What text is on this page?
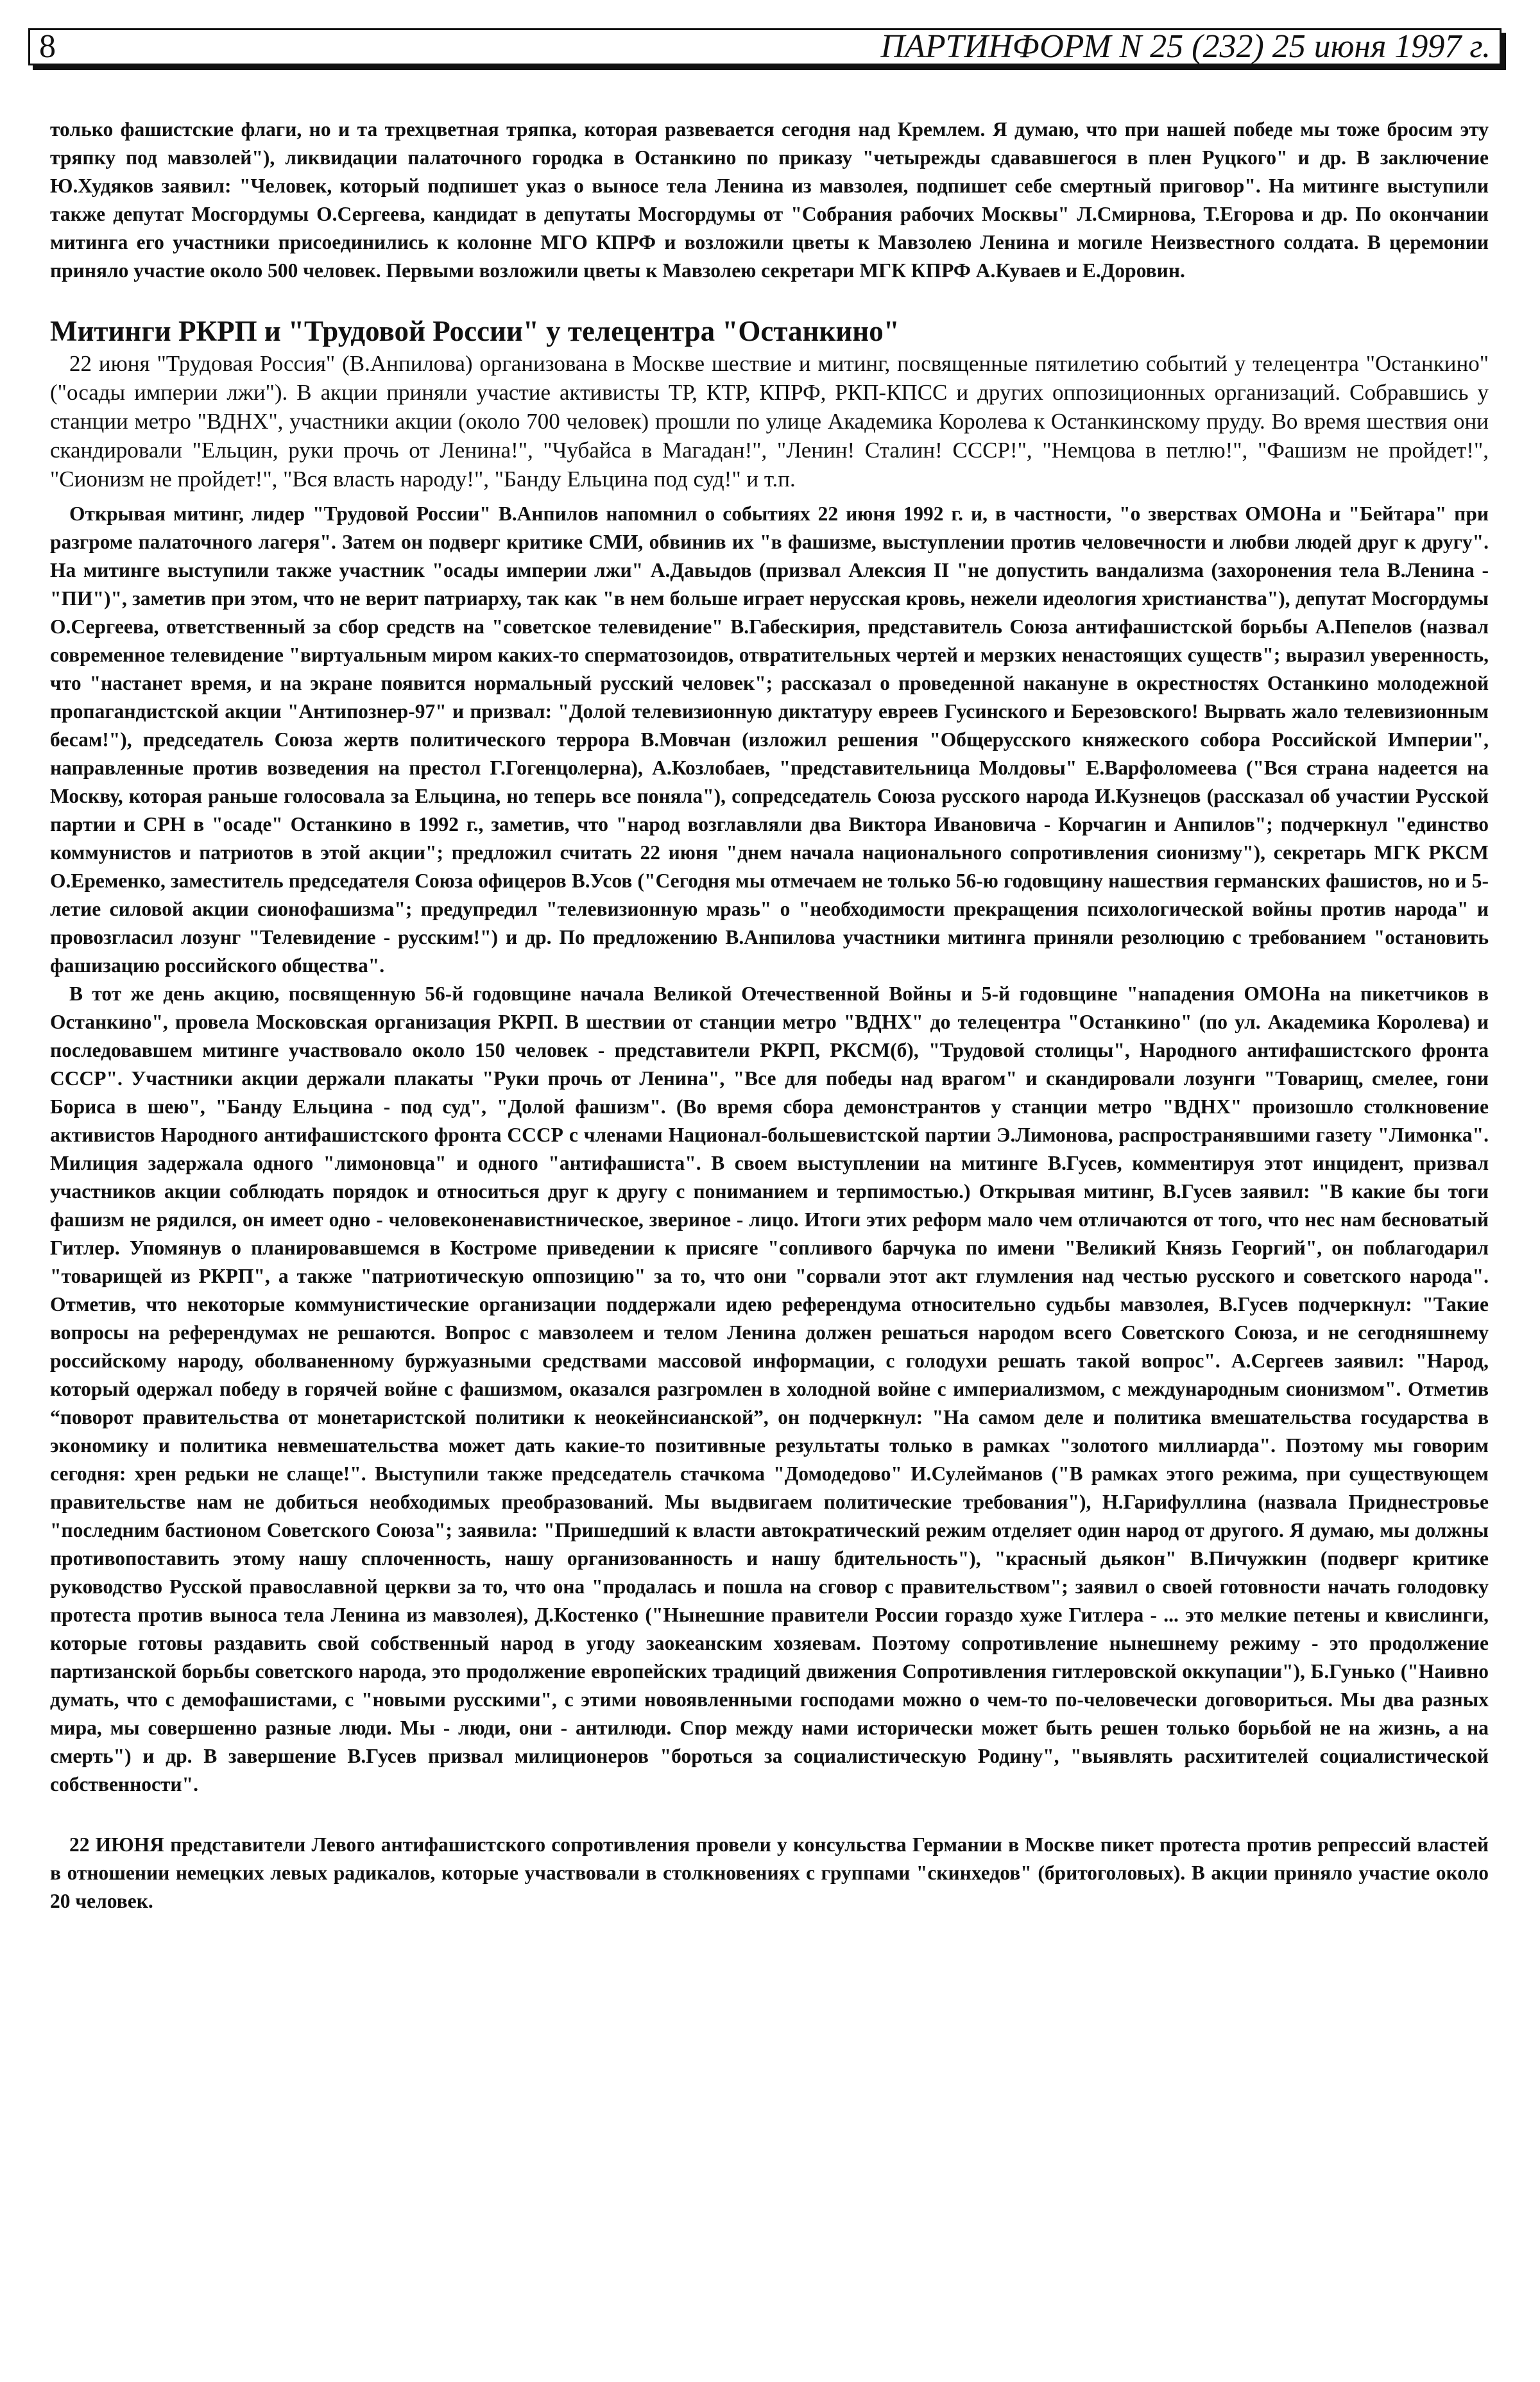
8	ПАРТИНФОРМ N 25 (232) 25 июня 1997 г.

только фашистские флаги, но и та трехцветная тряпка, которая развевается сегодня над Кремлем. Я думаю, что при нашей победе мы тоже бросим эту тряпку под мавзолей"), ликвидации палаточного городка в Останкино по приказу "четырежды сдававшегося в плен Руцкого" и др. В заключение Ю.Худяков заявил: "Человек, который подпишет указ о выносе тела Ленина из мавзолея, подпишет себе смертный приговор". На митинге выступили также депутат Мосгордумы О.Сергеева, кандидат в депутаты Мосгордумы от "Собрания рабочих Москвы" Л.Смирнова, Т.Егорова и др. По окончании митинга его участники присоединились к колонне МГО КПРФ и возложили цветы к Мавзолею Ленина и могиле Неизвестного солдата. В церемонии приняло участие около 500 человек. Первыми возложили цветы к Мавзолею секретари МГК КПРФ А.Куваев и Е.Доровин.

Митинги РКРП и "Трудовой России" у телецентра "Останкино"

22 июня "Трудовая Россия" (В.Анпилова) организована в Москве шествие и митинг, посвященные пятилетию событий у телецентра "Останкино" ("осады империи лжи"). В акции приняли участие активисты ТР, КТР, КПРФ, РКП-КПСС и других оппозиционных организаций. Собравшись у станции метро "ВДНХ", участники акции (около 700 человек) прошли по улице Академика Королева к Останкинскому пруду. Во время шествия они скандировали "Ельцин, руки прочь от Ленина!", "Чубайса в Магадан!", "Ленин! Сталин! СССР!", "Немцова в петлю!", "Фашизм не пройдет!", "Сионизм не пройдет!", "Вся власть народу!", "Банду Ельцина под суд!" и т.п.

Открывая митинг, лидер "Трудовой России" В.Анпилов напомнил о событиях 22 июня 1992 г. и, в частности, "о зверствах ОМОНа и "Бейтара" при разгроме палаточного лагеря". Затем он подверг критике СМИ, обвинив их "в фашизме, выступлении против человечности и любви людей друг к другу". На митинге выступили также участник "осады империи лжи" А.Давыдов (призвал Алексия II "не допустить вандализма (захоронения тела В.Ленина - "ПИ")", заметив при этом, что не верит патриарху, так как "в нем больше играет нерусская кровь, нежели идеология христианства"), депутат Мосгордумы О.Сергеева, ответственный за сбор средств на "советское телевидение" В.Габескирия, представитель Союза антифашистской борьбы А.Пепелов (назвал современное телевидение "виртуальным миром каких-то сперматозоидов, отвратительных чертей и мерзких ненастоящих существ"; выразил уверенность, что "настанет время, и на экране появится нормальный русский человек"; рассказал о проведенной накануне в окрестностях Останкино молодежной пропагандистской акции "Антипознер-97" и призвал: "Долой телевизионную диктатуру евреев Гусинского и Березовского! Вырвать жало телевизионным бесам!"), председатель Союза жертв политического террора В.Мовчан (изложил решения "Общерусского княжеского собора Российской Империи", направленные против возведения на престол Г.Гогенцолерна), А.Козлобаев, "представительница Молдовы" Е.Варфоломеева ("Вся страна надеется на Москву, которая раньше голосовала за Ельцина, но теперь все поняла"), сопредседатель Союза русского народа И.Кузнецов (рассказал об участии Русской партии и СРН в "осаде" Останкино в 1992 г., заметив, что "народ возглавляли два Виктора Ивановича - Корчагин и Анпилов"; подчеркнул "единство коммунистов и патриотов в этой акции"; предложил считать 22 июня "днем начала национального сопротивления сионизму"), секретарь МГК РКСМ О.Еременко, заместитель председателя Союза офицеров В.Усов ("Сегодня мы отмечаем не только 56-ю годовщину нашествия германских фашистов, но и 5-летие силовой акции сионофашизма"; предупредил "телевизионную мразь" о "необходимости прекращения психологической войны против народа" и провозгласил лозунг "Телевидение - русским!") и др. По предложению В.Анпилова участники митинга приняли резолюцию с требованием "остановить фашизацию российского общества".

В тот же день акцию, посвященную 56-й годовщине начала Великой Отечественной Войны и 5-й годовщине "нападения ОМОНа на пикетчиков в Останкино", провела Московская организация РКРП. В шествии от станции метро "ВДНХ" до телецентра "Останкино" (по ул. Академика Королева) и последовавшем митинге участвовало около 150 человек - представители РКРП, РКСМ(б), "Трудовой столицы", Народного антифашистского фронта СССР". Участники акции держали плакаты "Руки прочь от Ленина", "Все для победы над врагом" и скандировали лозунги "Товарищ, смелее, гони Бориса в шею", "Банду Ельцина - под суд", "Долой фашизм". (Во время сбора демонстрантов у станции метро "ВДНХ" произошло столкновение активистов Народного антифашистского фронта СССР с членами Национал-большевистской партии Э.Лимонова, распространявшими газету "Лимонка". Милиция задержала одного "лимоновца" и одного "антифашиста". В своем выступлении на митинге В.Гусев, комментируя этот инцидент, призвал участников акции соблюдать порядок и относиться друг к другу с пониманием и терпимостью.) Открывая митинг, В.Гусев заявил: "В какие бы тоги фашизм не рядился, он имеет одно - человеконенавистническое, звериное - лицо. Итоги этих реформ мало чем отличаются от того, что нес нам бесноватый Гитлер. Упомянув о планировавшемся в Костроме приведении к присяге "сопливого барчука по имени "Великий Князь Георгий", он поблагодарил "товарищей из РКРП", а также "патриотическую оппозицию" за то, что они "сорвали этот акт глумления над честью русского и советского народа". Отметив, что некоторые коммунистические организации поддержали идею референдума относительно судьбы мавзолея, В.Гусев подчеркнул: "Такие вопросы на референдумах не решаются. Вопрос с мавзолеем и телом Ленина должен решаться народом всего Советского Союза, и не сегодняшнему российскому народу, оболваненному буржуазными средствами массовой информации, с голодухи решать такой вопрос". А.Сергеев заявил: "Народ, который одержал победу в горячей войне с фашизмом, оказался разгромлен в холодной войне с империализмом, с международным сионизмом". Отметив “поворот правительства от монетаристской политики к неокейнсианской”, он подчеркнул: "На самом деле и политика вмешательства государства в экономику и политика невмешательства может дать какие-то позитивные результаты только в рамках "золотого миллиарда". Поэтому мы говорим сегодня: хрен редьки не слаще!". Выступили также председатель стачкома "Домодедово" И.Сулейманов ("В рамках этого режима, при существующем правительстве нам не добиться необходимых преобразований. Мы выдвигаем политические требования"), Н.Гарифуллина (назвала Приднестровье "последним бастионом Советского Союза"; заявила: "Пришедший к власти автократический режим отделяет один народ от другого. Я думаю, мы должны противопоставить этому нашу сплоченность, нашу организованность и нашу бдительность"), "красный дьякон" В.Пичужкин (подверг критике руководство Русской православной церкви за то, что она "продалась и пошла на сговор с правительством"; заявил о своей готовности начать голодовку протеста против выноса тела Ленина из мавзолея), Д.Костенко ("Нынешние правители России гораздо хуже Гитлера - ... это мелкие петены и квислинги, которые готовы раздавить свой собственный народ в угоду заокеанским хозяевам. Поэтому сопротивление нынешнему режиму - это продолжение партизанской борьбы советского народа, это продолжение европейских традиций движения Сопротивления гитлеровской оккупации"), Б.Гунько ("Наивно думать, что с демофашистами, с "новыми русскими", с этими новоявленными господами можно о чем-то по-человечески договориться. Мы два разных мира, мы совершенно разные люди. Мы - люди, они - антилюди. Спор между нами исторически может быть решен только борьбой не на жизнь, а на смерть") и др. В завершение В.Гусев призвал милиционеров "бороться за социалистическую Родину", "выявлять расхитителей социалистической собственности".

22 ИЮНЯ представители Левого антифашистского сопротивления провели у консульства Германии в Москве пикет протеста против репрессий властей в отношении немецких левых радикалов, которые участвовали в столкновениях с группами "скинхедов" (бритоголовых). В акции приняло участие около 20 человек.
